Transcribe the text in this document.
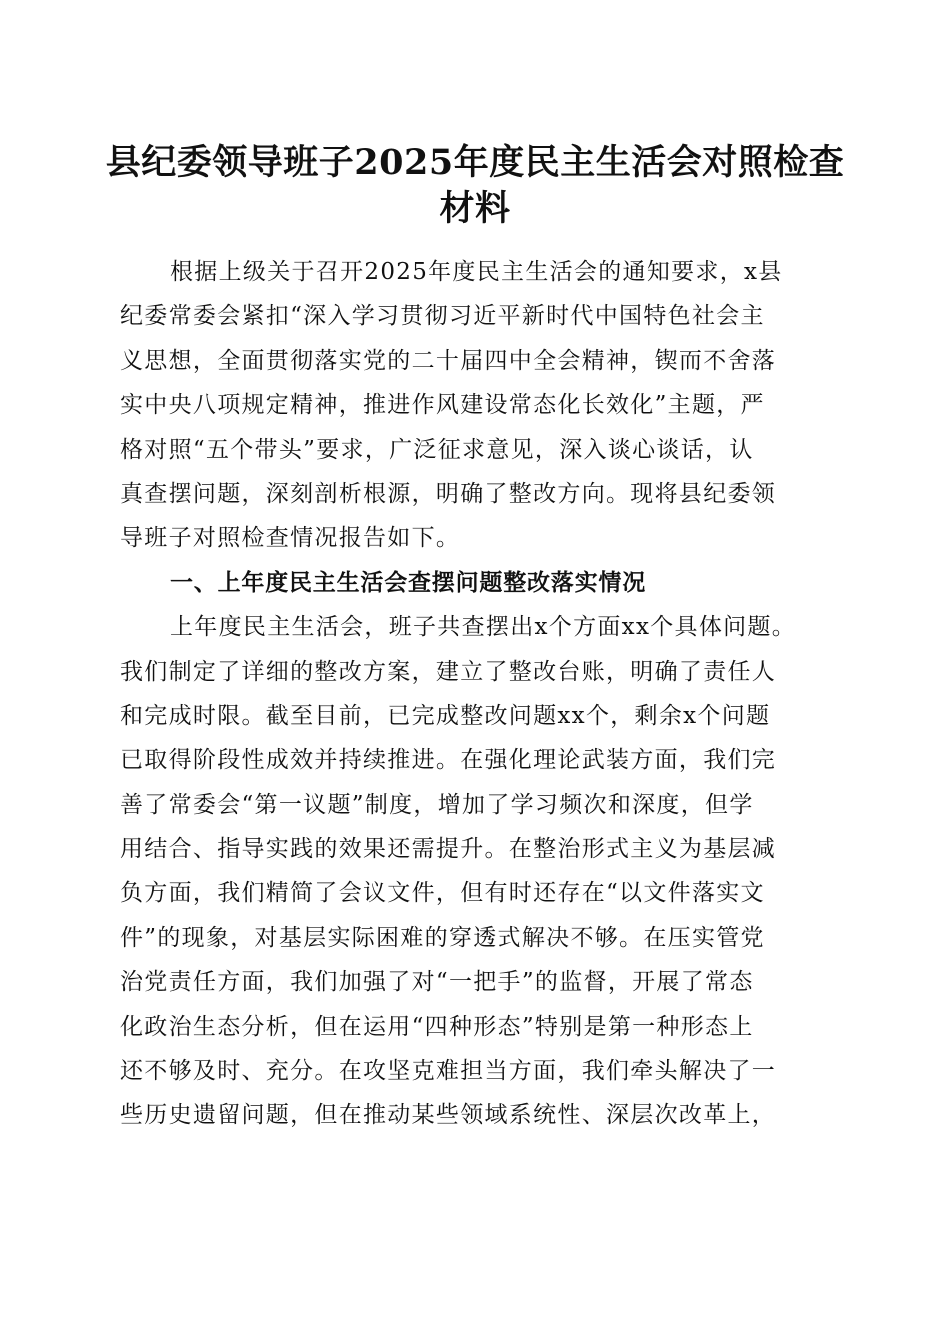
县纪委领导班子2025年度民主生活会对照检查材料
根据上级关于召开2025年度民主生活会的通知要求，x县
纪委常委会紧扣“深入学习贯彻习近平新时代中国特色社会主
义思想，全面贯彻落实党的二十届四中全会精神，锲而不舍落
实中央八项规定精神，推进作风建设常态化长效化”主题，严
格对照“五个带头”要求，广泛征求意见，深入谈心谈话，认
真查摆问题，深刻剖析根源，明确了整改方向。现将县纪委领
导班子对照检查情况报告如下。
一、上年度民主生活会查摆问题整改落实情况
上年度民主生活会，班子共查摆出x个方面xx个具体问题。
我们制定了详细的整改方案，建立了整改台账，明确了责任人
和完成时限。截至目前，已完成整改问题xx个，剩余x个问题
已取得阶段性成效并持续推进。在强化理论武装方面，我们完
善了常委会“第一议题”制度，增加了学习频次和深度，但学
用结合、指导实践的效果还需提升。在整治形式主义为基层减
负方面，我们精简了会议文件，但有时还存在“以文件落实文
件”的现象，对基层实际困难的穿透式解决不够。在压实管党
治党责任方面，我们加强了对“一把手”的监督，开展了常态
化政治生态分析，但在运用“四种形态”特别是第一种形态上
还不够及时、充分。在攻坚克难担当方面，我们牵头解决了一
些历史遗留问题，但在推动某些领域系统性、深层次改革上，
